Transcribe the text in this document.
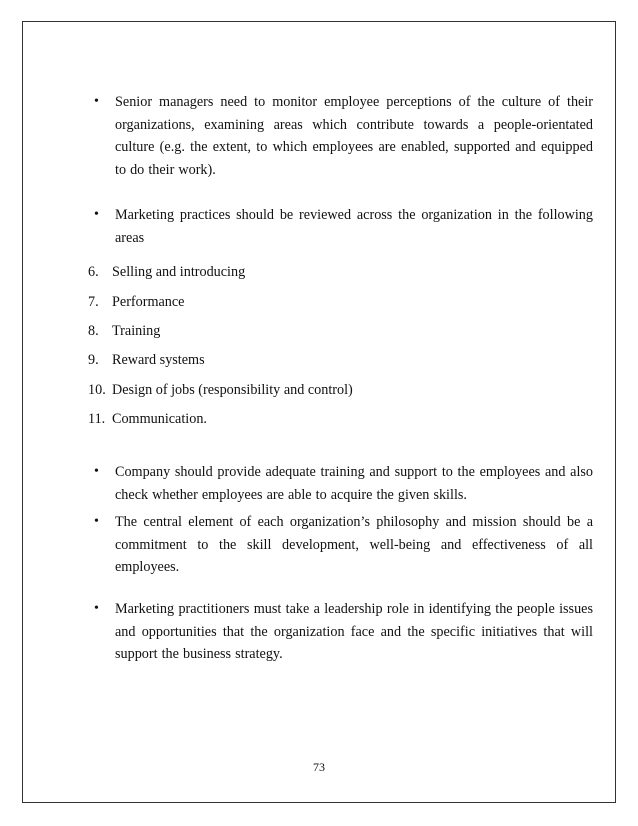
• Senior managers need to monitor employee perceptions of the culture of their organizations, examining areas which contribute towards a people-orientated culture (e.g. the extent, to which employees are enabled, supported and equipped to do their work).
• Marketing practices should be reviewed across the organization in the following areas
6. Selling and introducing
7. Performance
8. Training
9. Reward systems
10. Design of jobs (responsibility and control)
11. Communication.
• Company should provide adequate training and support to the employees and also check whether employees are able to acquire the given skills.
• The central element of each organization’s philosophy and mission should be a commitment to the skill development, well-being and effectiveness of all employees.
• Marketing practitioners must take a leadership role in identifying the people issues and opportunities that the organization face and the specific initiatives that will support the business strategy.
73
